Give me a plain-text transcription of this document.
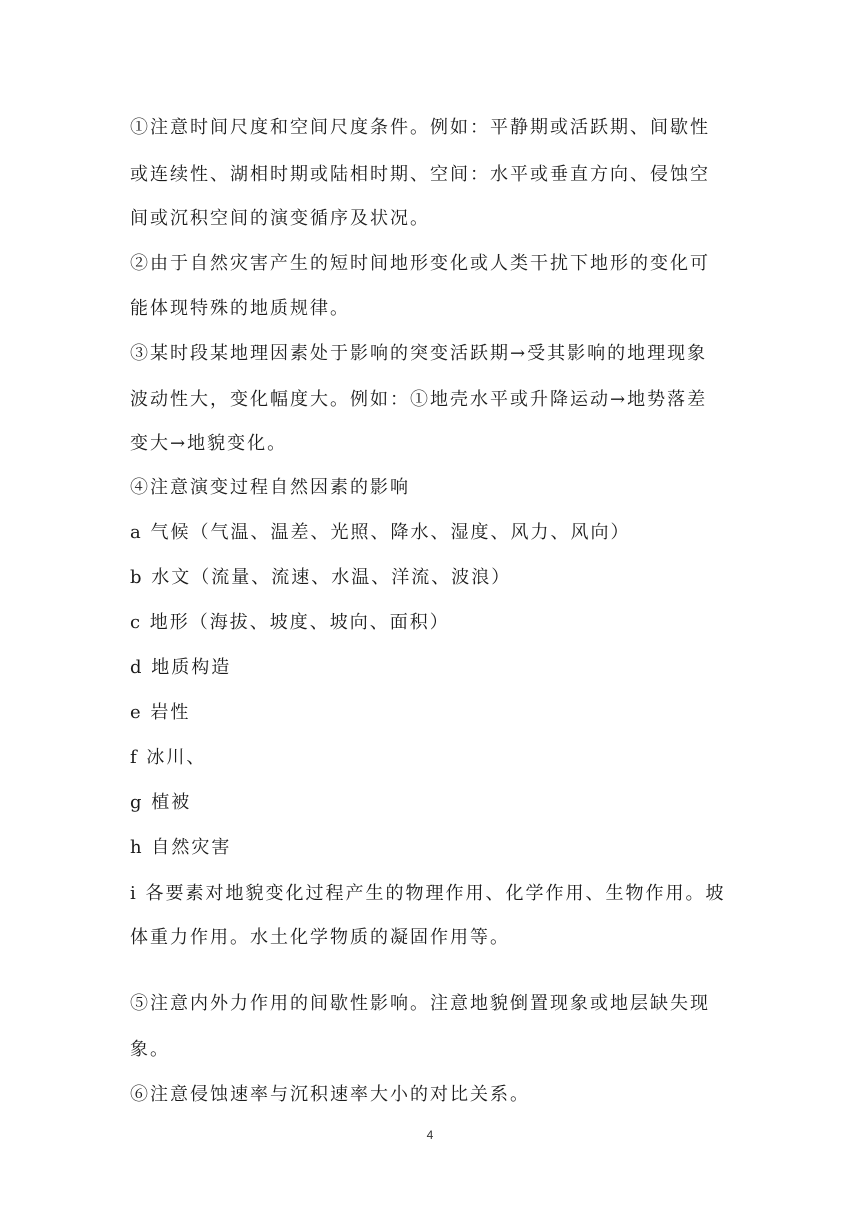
①注意时间尺度和空间尺度条件。例如：平静期或活跃期、间歇性
或连续性、湖相时期或陆相时期、空间：水平或垂直方向、侵蚀空
间或沉积空间的演变循序及状况。
②由于自然灾害产生的短时间地形变化或人类干扰下地形的变化可
能体现特殊的地质规律。
③某时段某地理因素处于影响的突变活跃期→受其影响的地理现象
波动性大，变化幅度大。例如：①地壳水平或升降运动→地势落差
变大→地貌变化。
④注意演变过程自然因素的影响
a 气候（气温、温差、光照、降水、湿度、风力、风向）
b 水文（流量、流速、水温、洋流、波浪）
c 地形（海拔、坡度、坡向、面积）
d 地质构造
e 岩性
f 冰川、
g 植被
h 自然灾害
i 各要素对地貌变化过程产生的物理作用、化学作用、生物作用。坡
体重力作用。水土化学物质的凝固作用等。
⑤注意内外力作用的间歇性影响。注意地貌倒置现象或地层缺失现
象。
⑥注意侵蚀速率与沉积速率大小的对比关系。
4
